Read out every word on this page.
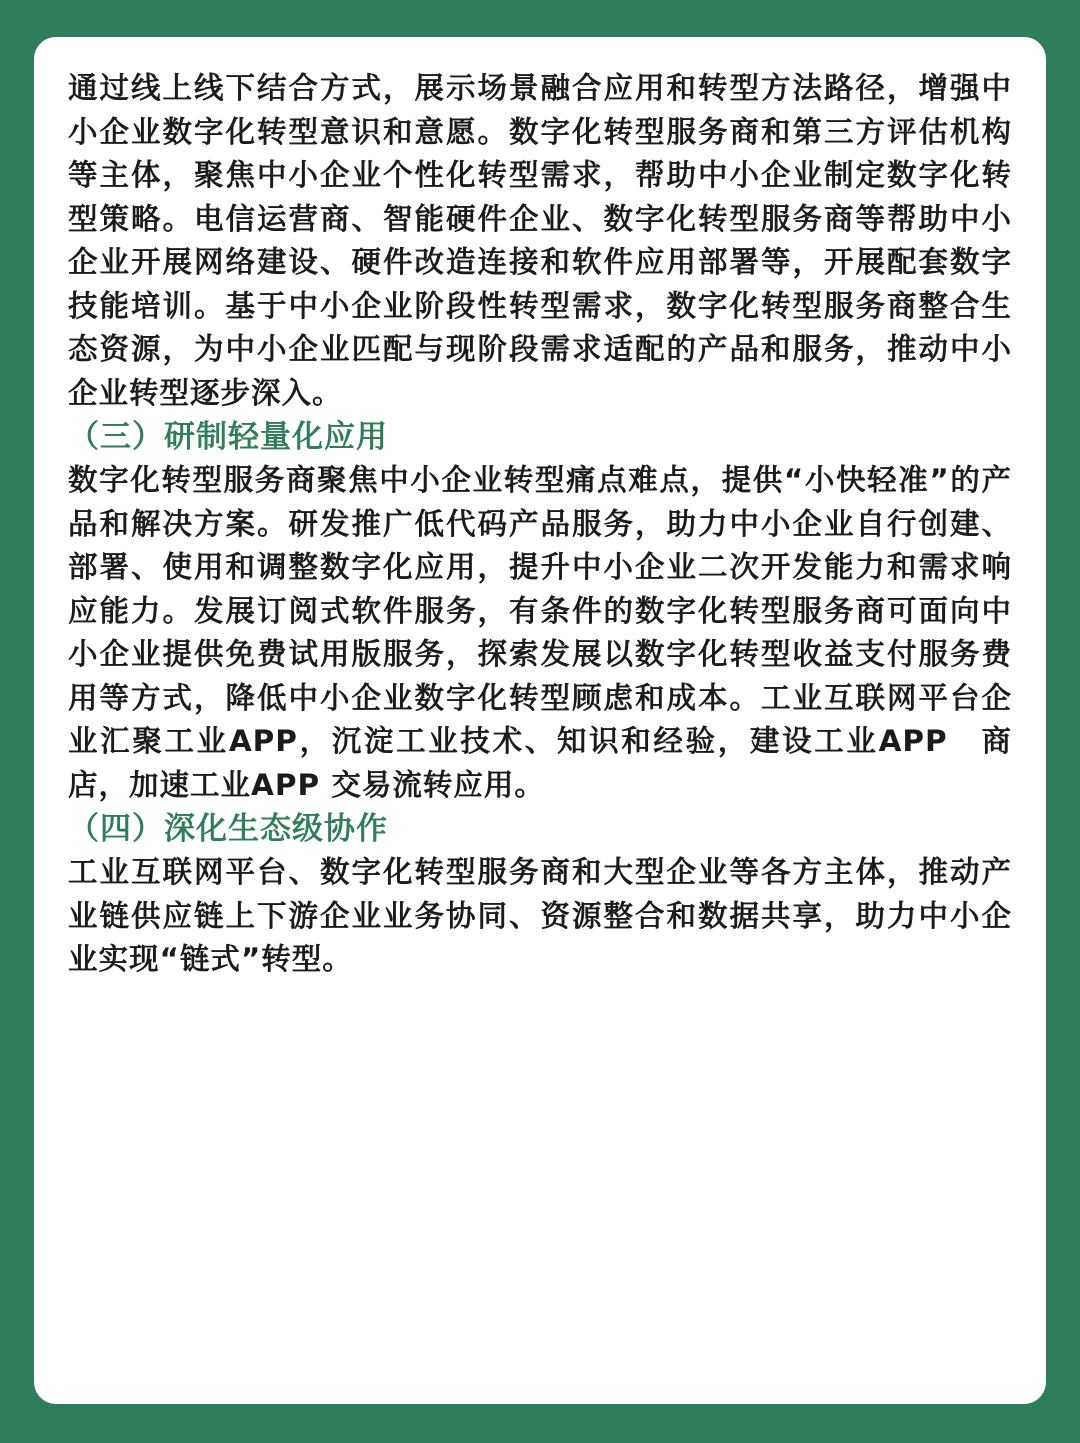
通过线上线下结合方式，展示场景融合应用和转型方法路径，增强中小企业数字化转型意识和意愿。数字化转型服务商和第三方评估机构等主体，聚焦中小企业个性化转型需求，帮助中小企业制定数字化转型策略。电信运营商、智能硬件企业、数字化转型服务商等帮助中小企业开展网络建设、硬件改造连接和软件应用部署等，开展配套数字技能培训。基于中小企业阶段性转型需求，数字化转型服务商整合生态资源，为中小企业匹配与现阶段需求适配的产品和服务，推动中小企业转型逐步深入。

（三）研制轻量化应用

数字化转型服务商聚焦中小企业转型痛点难点，提供“小快轻准”的产品和解决方案。研发推广低代码产品服务，助力中小企业自行创建、部署、使用和调整数字化应用，提升中小企业二次开发能力和需求响应能力。发展订阅式软件服务，有条件的数字化转型服务商可面向中小企业提供免费试用版服务，探索发展以数字化转型收益支付服务费用等方式，降低中小企业数字化转型顾虑和成本。工业互联网平台企业汇聚工业APP，沉淀工业技术、知识和经验，建设工业APP　商店，加速工业APP 交易流转应用。

（四）深化生态级协作

工业互联网平台、数字化转型服务商和大型企业等各方主体，推动产业链供应链上下游企业业务协同、资源整合和数据共享，助力中小企业实现“链式”转型。
